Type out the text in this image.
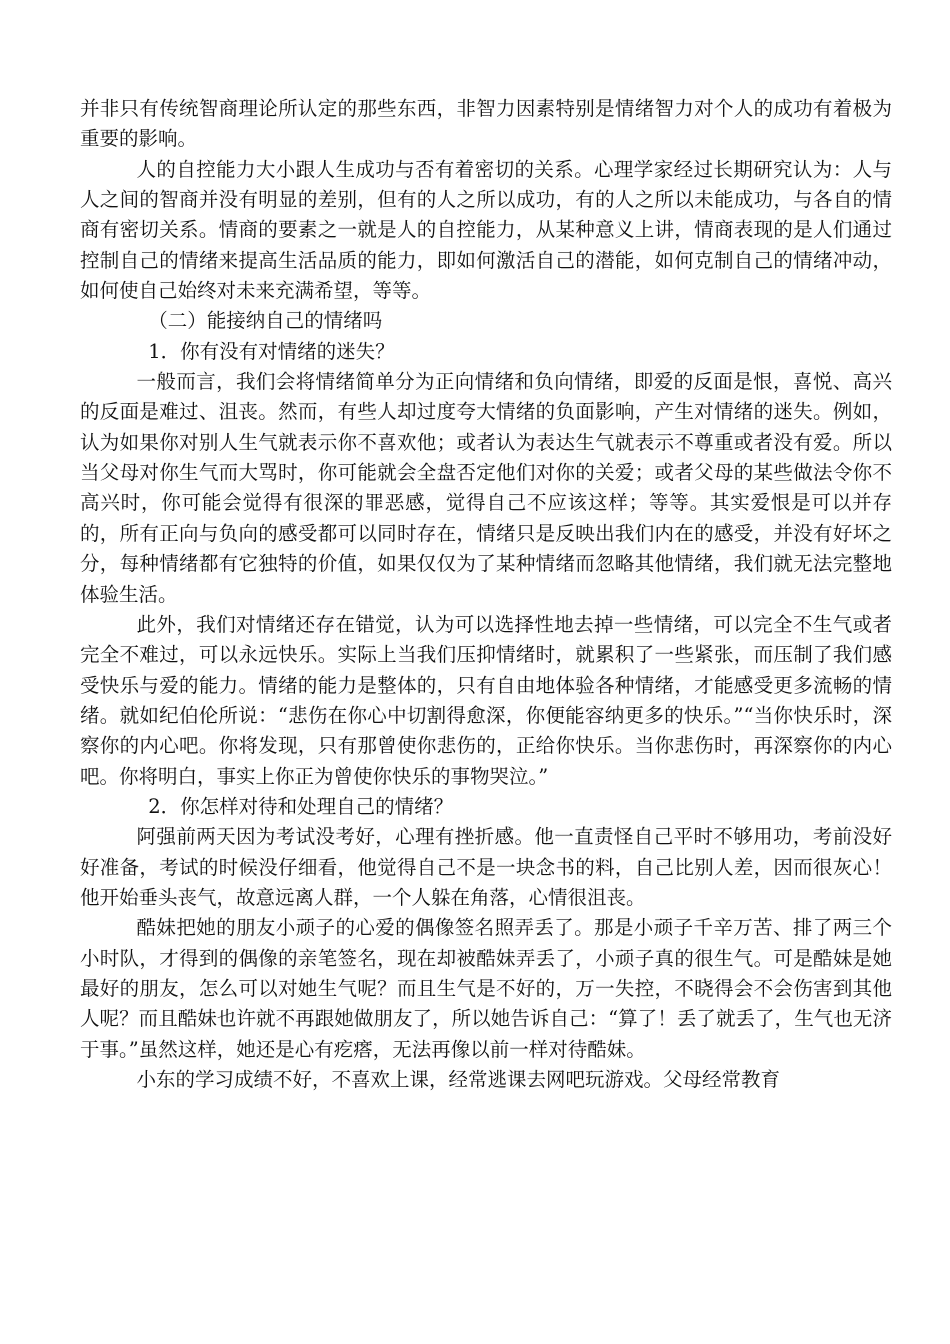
并非只有传统智商理论所认定的那些东西，非智力因素特别是情绪智力对个人的成功有着极为重要的影响。

人的自控能力大小跟人生成功与否有着密切的关系。心理学家经过长期研究认为：人与人之间的智商并没有明显的差别，但有的人之所以成功，有的人之所以未能成功，与各自的情商有密切关系。情商的要素之一就是人的自控能力，从某种意义上讲，情商表现的是人们通过控制自己的情绪来提高生活品质的能力，即如何激活自己的潜能，如何克制自己的情绪冲动，如何使自己始终对未来充满希望，等等。

（二）能接纳自己的情绪吗

1．你有没有对情绪的迷失？

一般而言，我们会将情绪简单分为正向情绪和负向情绪，即爱的反面是恨，喜悦、高兴的反面是难过、沮丧。然而，有些人却过度夸大情绪的负面影响，产生对情绪的迷失。例如，认为如果你对别人生气就表示你不喜欢他；或者认为表达生气就表示不尊重或者没有爱。所以当父母对你生气而大骂时，你可能就会全盘否定他们对你的关爱；或者父母的某些做法令你不高兴时，你可能会觉得有很深的罪恶感，觉得自己不应该这样；等等。其实爱恨是可以并存的，所有正向与负向的感受都可以同时存在，情绪只是反映出我们内在的感受，并没有好坏之分，每种情绪都有它独特的价值，如果仅仅为了某种情绪而忽略其他情绪，我们就无法完整地体验生活。

此外，我们对情绪还存在错觉，认为可以选择性地去掉一些情绪，可以完全不生气或者完全不难过，可以永远快乐。实际上当我们压抑情绪时，就累积了一些紧张，而压制了我们感受快乐与爱的能力。情绪的能力是整体的，只有自由地体验各种情绪，才能感受更多流畅的情绪。就如纪伯伦所说：“悲伤在你心中切割得愈深，你便能容纳更多的快乐。”“当你快乐时，深察你的内心吧。你将发现，只有那曾使你悲伤的，正给你快乐。当你悲伤时，再深察你的内心吧。你将明白，事实上你正为曾使你快乐的事物哭泣。”

2．你怎样对待和处理自己的情绪？

阿强前两天因为考试没考好，心理有挫折感。他一直责怪自己平时不够用功，考前没好好准备，考试的时候没仔细看，他觉得自己不是一块念书的料，自己比别人差，因而很灰心！他开始垂头丧气，故意远离人群，一个人躲在角落，心情很沮丧。

酷妹把她的朋友小顽子的心爱的偶像签名照弄丢了。那是小顽子千辛万苦、排了两三个小时队，才得到的偶像的亲笔签名，现在却被酷妹弄丢了，小顽子真的很生气。可是酷妹是她最好的朋友，怎么可以对她生气呢？而且生气是不好的，万一失控，不晓得会不会伤害到其他人呢？而且酷妹也许就不再跟她做朋友了，所以她告诉自己：“算了！丢了就丢了，生气也无济于事。”虽然这样，她还是心有疙瘩，无法再像以前一样对待酷妹。

小东的学习成绩不好，不喜欢上课，经常逃课去网吧玩游戏。父母经常教育
